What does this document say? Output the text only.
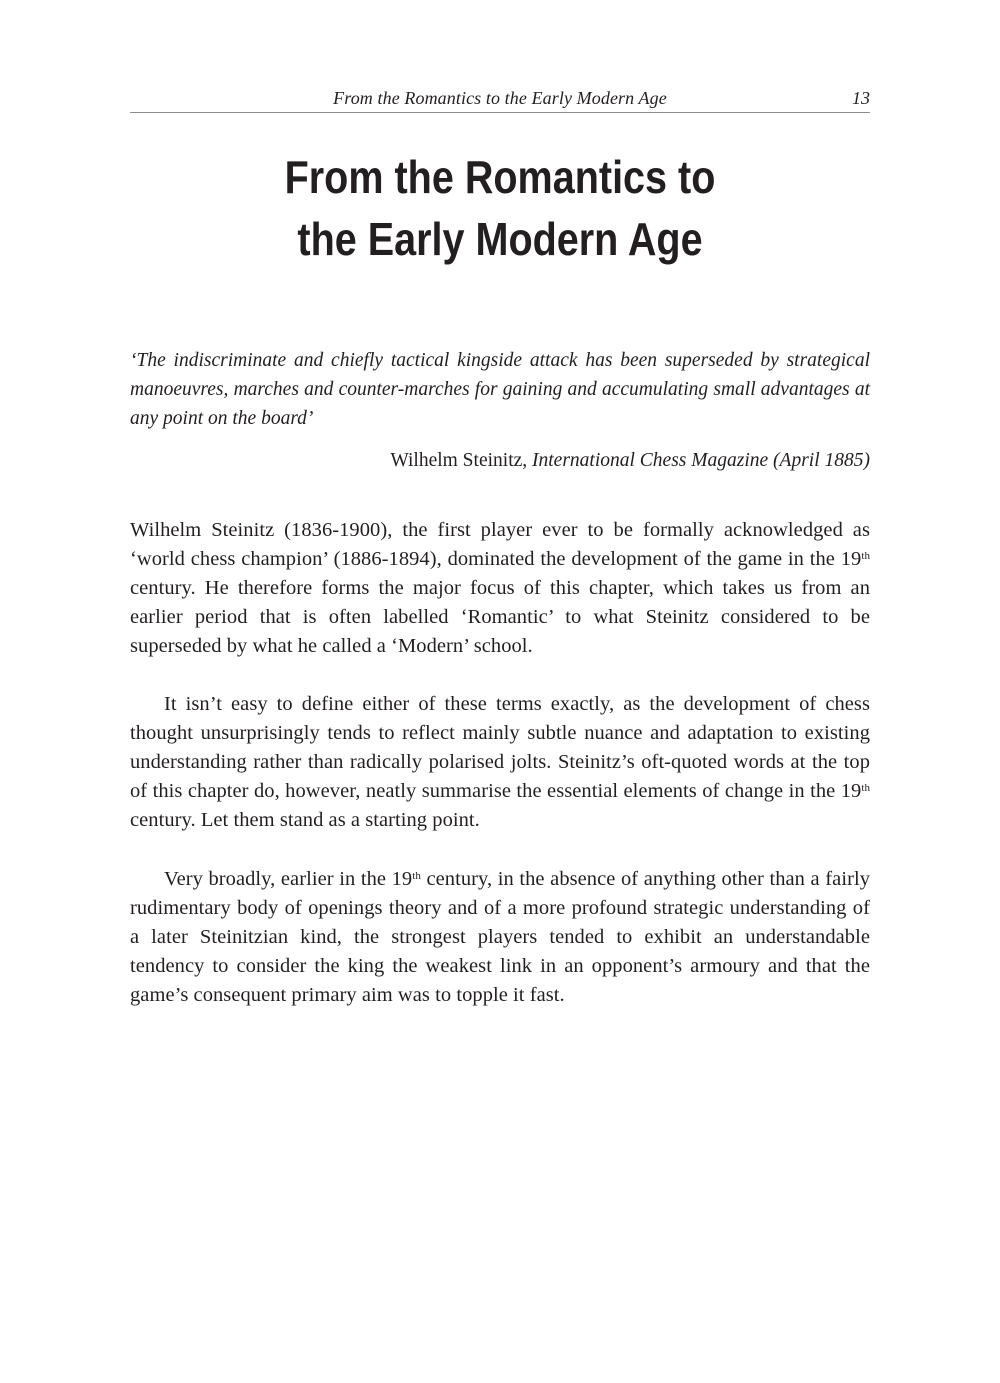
From the Romantics to the Early Modern Age	13
From the Romantics to
the Early Modern Age

‘The indiscriminate and chiefly tactical kingside attack has been superseded by strategical manoeuvres, marches and counter-marches for gaining and accumulating small advantages at any point on the board’

Wilhelm Steinitz, International Chess Magazine (April 1885)

Wilhelm Steinitz (1836-1900), the first player ever to be formally acknowledged as ‘world chess champion’ (1886-1894), dominated the development of the game in the 19th century. He therefore forms the major focus of this chapter, which takes us from an earlier period that is often labelled ‘Romantic’ to what Steinitz considered to be superseded by what he called a ‘Modern’ school.

It isn’t easy to define either of these terms exactly, as the development of chess thought unsurprisingly tends to reflect mainly subtle nuance and adaptation to existing understanding rather than radically polarised jolts. Steinitz’s oft-quoted words at the top of this chapter do, however, neatly summarise the essential elements of change in the 19th century. Let them stand as a starting point.

Very broadly, earlier in the 19th century, in the absence of anything other than a fairly rudimentary body of openings theory and of a more profound strategic understanding of a later Steinitzian kind, the strongest players tended to exhibit an understandable tendency to consider the king the weakest link in an opponent’s armoury and that the game’s consequent primary aim was to topple it fast.
